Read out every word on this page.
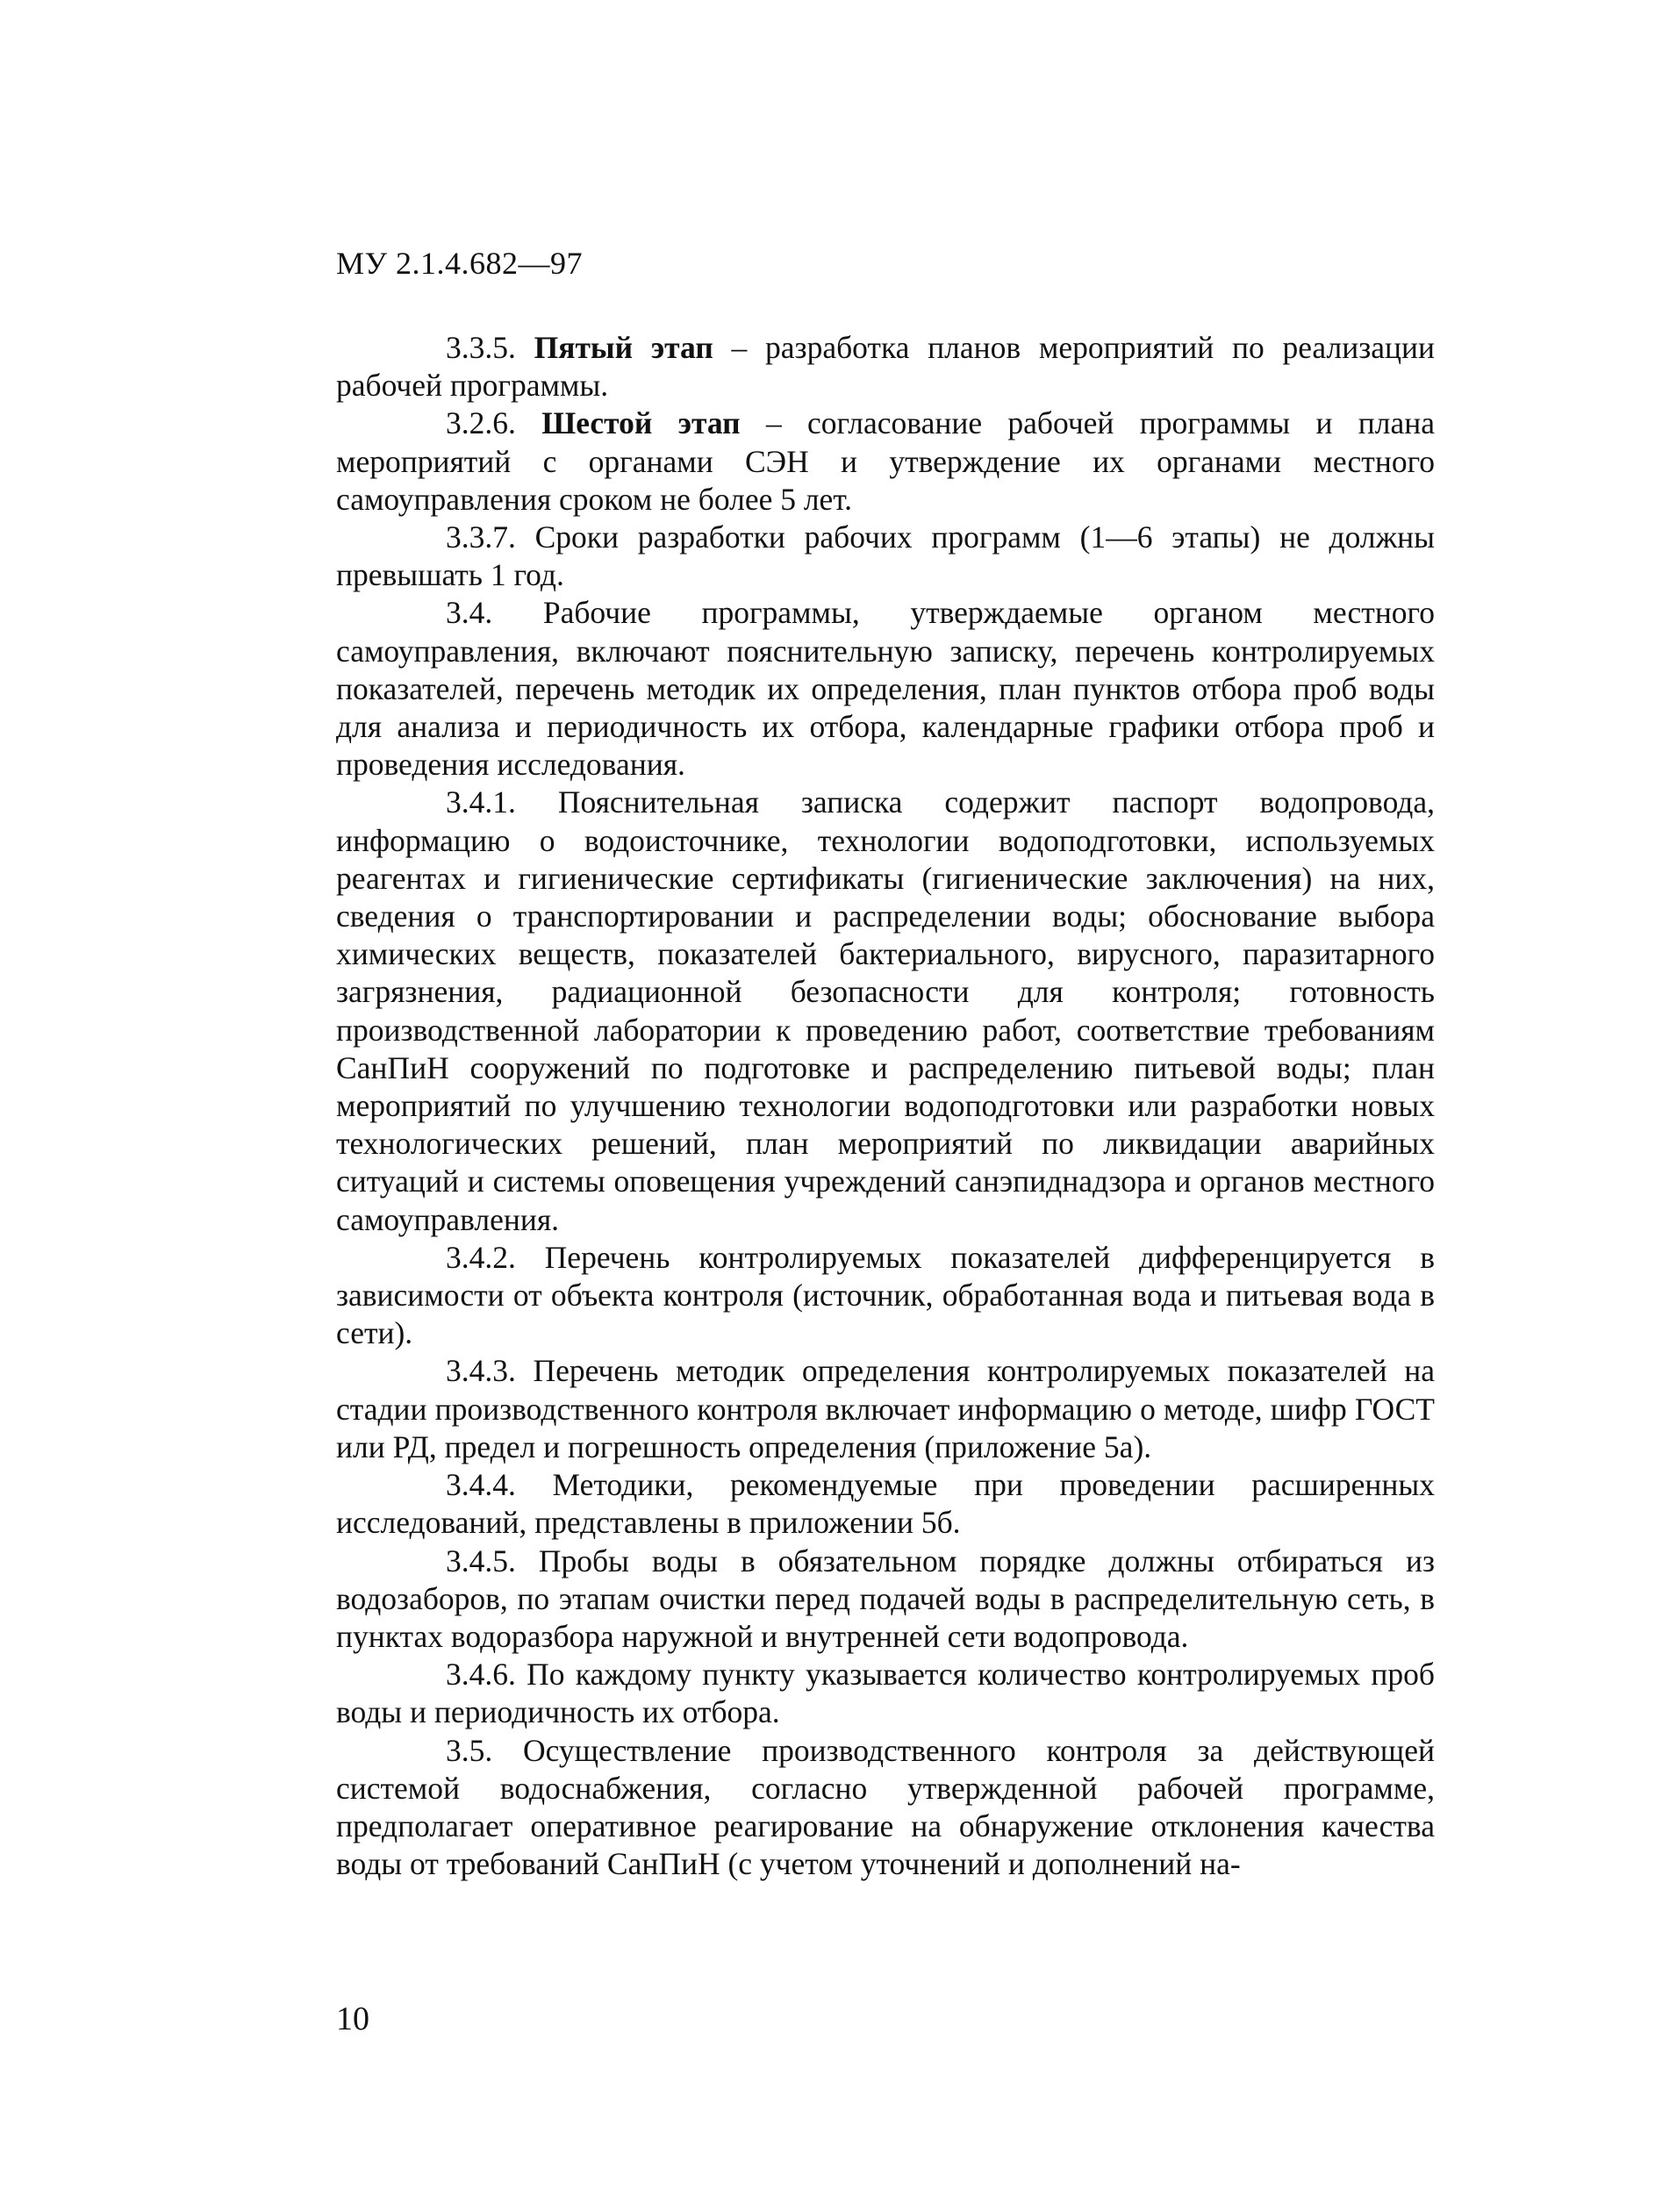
МУ 2.1.4.682—97

3.3.5. Пятый этап – разработка планов мероприятий по реализации рабочей программы.

3.2.6. Шестой этап – согласование рабочей программы и плана мероприятий с органами СЭН и утверждение их органами местного самоуправления сроком не более 5 лет.

3.3.7. Сроки разработки рабочих программ (1—6 этапы) не должны превышать 1 год.

3.4. Рабочие программы, утверждаемые органом местного самоуправления, включают пояснительную записку, перечень контролируемых показателей, перечень методик их определения, план пунктов отбора проб воды для анализа и периодичность их отбора, календарные графики отбора проб и проведения исследования.

3.4.1. Пояснительная записка содержит паспорт водопровода, информацию о водоисточнике, технологии водоподготовки, используемых реагентах и гигиенические сертификаты (гигиенические заключения) на них, сведения о транспортировании и распределении воды; обоснование выбора химических веществ, показателей бактериального, вирусного, паразитарного загрязнения, радиационной безопасности для контроля; готовность производственной лаборатории к проведению работ, соответствие требованиям СанПиН сооружений по подготовке и распределению питьевой воды; план мероприятий по улучшению технологии водоподготовки или разработки новых технологических решений, план мероприятий по ликвидации аварийных ситуаций и системы оповещения учреждений санэпиднадзора и органов местного самоуправления.

3.4.2. Перечень контролируемых показателей дифференцируется в зависимости от объекта контроля (источник, обработанная вода и питьевая вода в сети).

3.4.3. Перечень методик определения контролируемых показателей на стадии производственного контроля включает информацию о методе, шифр ГОСТ или РД, предел и погрешность определения (приложение 5а).

3.4.4. Методики, рекомендуемые при проведении расширенных исследований, представлены в приложении 5б.

3.4.5. Пробы воды в обязательном порядке должны отбираться из водозаборов, по этапам очистки перед подачей воды в распределительную сеть, в пунктах водоразбора наружной и внутренней сети водопровода.

3.4.6. По каждому пункту указывается количество контролируемых проб воды и периодичность их отбора.

3.5. Осуществление производственного контроля за действующей системой водоснабжения, согласно утвержденной рабочей программе, предполагает оперативное реагирование на обнаружение отклонения качества воды от требований СанПиН (с учетом уточнений и дополнений на-

10
